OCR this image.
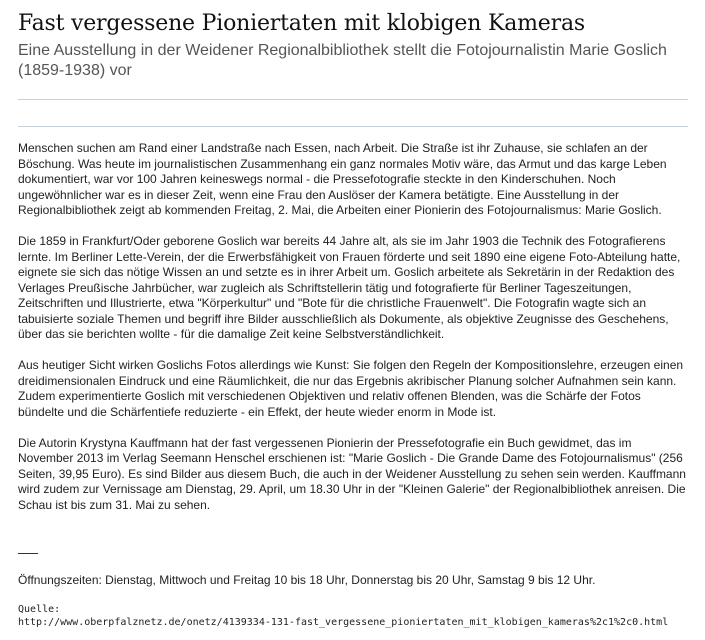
Fast vergessene Pioniertaten mit klobigen Kameras

Eine Ausstellung in der Weidener Regionalbibliothek stellt die Fotojournalistin Marie Goslich (1859-1938) vor

Menschen suchen am Rand einer Landstraße nach Essen, nach Arbeit. Die Straße ist ihr Zuhause, sie schlafen an der Böschung. Was heute im journalistischen Zusammenhang ein ganz normales Motiv wäre, das Armut und das karge Leben dokumentiert, war vor 100 Jahren keineswegs normal - die Pressefotografie steckte in den Kinderschuhen. Noch ungewöhnlicher war es in dieser Zeit, wenn eine Frau den Auslöser der Kamera betätigte. Eine Ausstellung in der Regionalbibliothek zeigt ab kommenden Freitag, 2. Mai, die Arbeiten einer Pionierin des Fotojournalismus: Marie Goslich.

Die 1859 in Frankfurt/Oder geborene Goslich war bereits 44 Jahre alt, als sie im Jahr 1903 die Technik des Fotografierens lernte. Im Berliner Lette-Verein, der die Erwerbsfähigkeit von Frauen förderte und seit 1890 eine eigene Foto-Abteilung hatte, eignete sie sich das nötige Wissen an und setzte es in ihrer Arbeit um. Goslich arbeitete als Sekretärin in der Redaktion des Verlages Preußische Jahrbücher, war zugleich als Schriftstellerin tätig und fotografierte für Berliner Tageszeitungen, Zeitschriften und Illustrierte, etwa "Körperkultur" und "Bote für die christliche Frauenwelt". Die Fotografin wagte sich an tabuisierte soziale Themen und begriff ihre Bilder ausschließlich als Dokumente, als objektive Zeugnisse des Geschehens, über das sie berichten wollte - für die damalige Zeit keine Selbstverständlichkeit.

Aus heutiger Sicht wirken Goslichs Fotos allerdings wie Kunst: Sie folgen den Regeln der Kompositionslehre, erzeugen einen dreidimensionalen Eindruck und eine Räumlichkeit, die nur das Ergebnis akribischer Planung solcher Aufnahmen sein kann. Zudem experimentierte Goslich mit verschiedenen Objektiven und relativ offenen Blenden, was die Schärfe der Fotos bündelte und die Schärfentiefe reduzierte - ein Effekt, der heute wieder enorm in Mode ist.

Die Autorin Krystyna Kauffmann hat der fast vergessenen Pionierin der Pressefotografie ein Buch gewidmet, das im November 2013 im Verlag Seemann Henschel erschienen ist: "Marie Goslich - Die Grande Dame des Fotojournalismus" (256 Seiten, 39,95 Euro). Es sind Bilder aus diesem Buch, die auch in der Weidener Ausstellung zu sehen sein werden. Kauffmann wird zudem zur Vernissage am Dienstag, 29. April, um 18.30 Uhr in der "Kleinen Galerie" der Regionalbibliothek anreisen. Die Schau ist bis zum 31. Mai zu sehen.

Öffnungszeiten: Dienstag, Mittwoch und Freitag 10 bis 18 Uhr, Donnerstag bis 20 Uhr, Samstag 9 bis 12 Uhr.
Quelle:
http://www.oberpfalznetz.de/onetz/4139334-131-fast_vergessene_pioniertaten_mit_klobigen_kameras%2c1%2c0.html
